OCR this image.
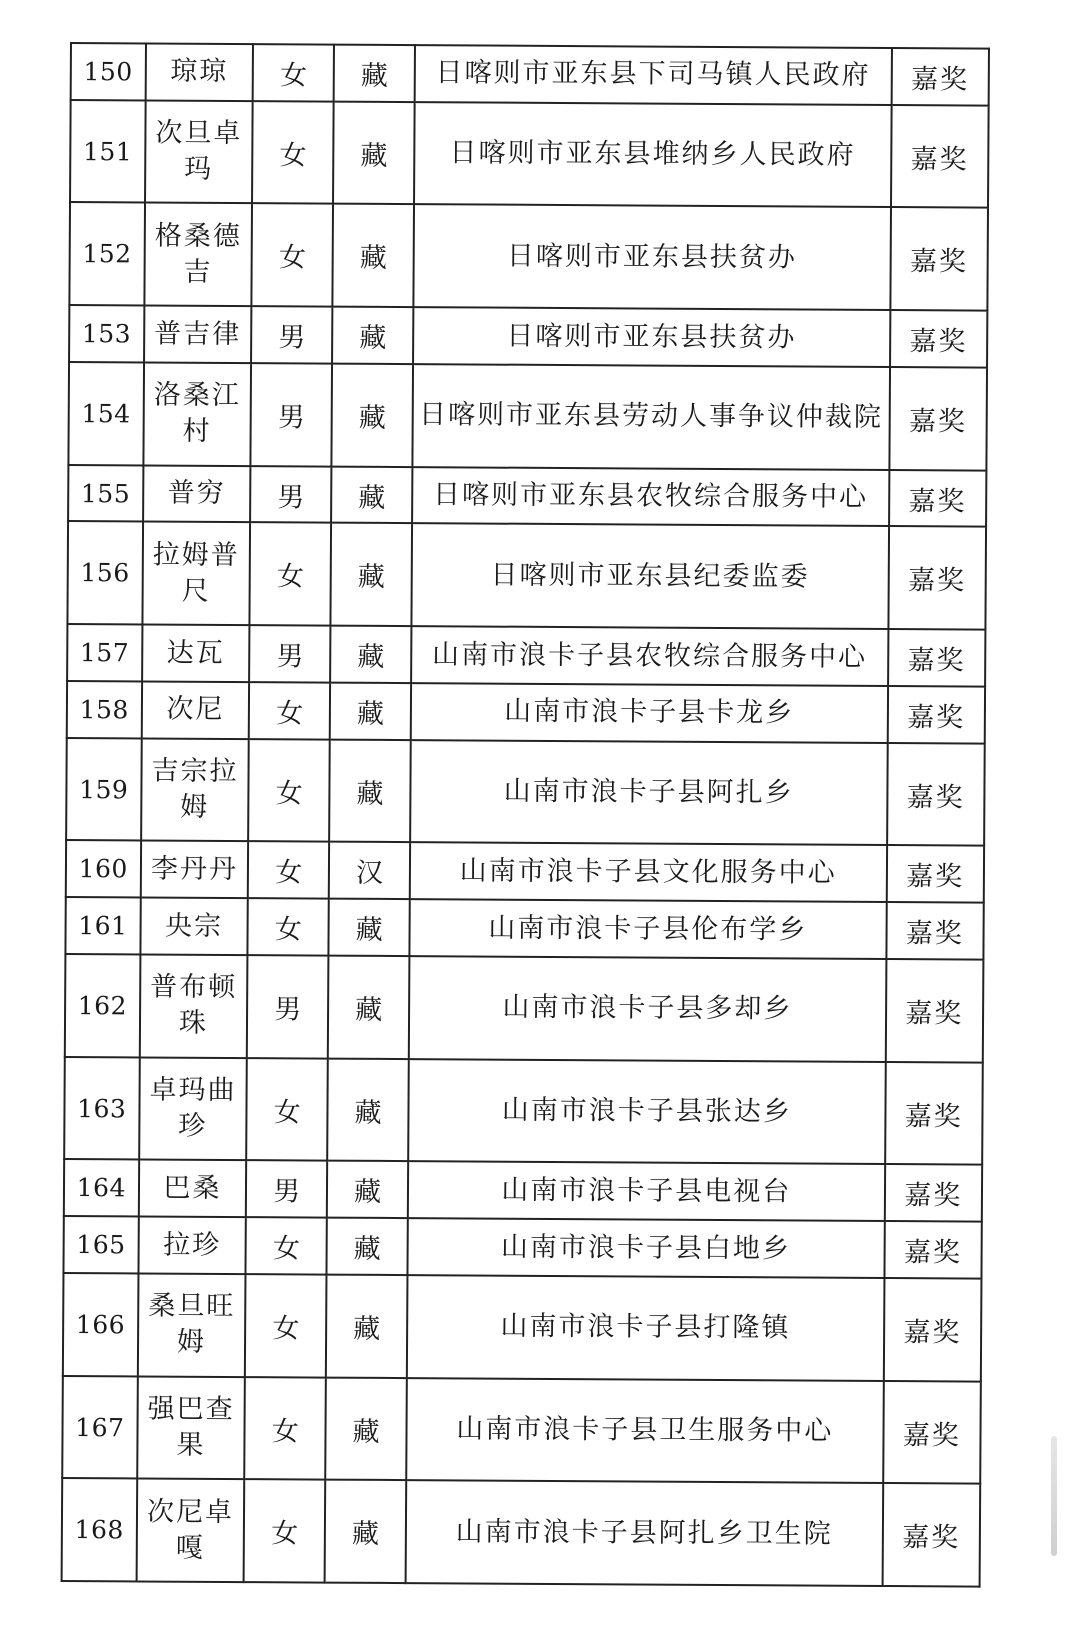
150	琼琼	女	藏	日喀则市亚东县下司马镇人民政府	嘉奖
151	次旦卓玛	女	藏	日喀则市亚东县堆纳乡人民政府	嘉奖
152	格桑德吉	女	藏	日喀则市亚东县扶贫办	嘉奖
153	普吉律	男	藏	日喀则市亚东县扶贫办	嘉奖
154	洛桑江村	男	藏	日喀则市亚东县劳动人事争议仲裁院	嘉奖
155	普穷	男	藏	日喀则市亚东县农牧综合服务中心	嘉奖
156	拉姆普尺	女	藏	日喀则市亚东县纪委监委	嘉奖
157	达瓦	男	藏	山南市浪卡子县农牧综合服务中心	嘉奖
158	次尼	女	藏	山南市浪卡子县卡龙乡	嘉奖
159	吉宗拉姆	女	藏	山南市浪卡子县阿扎乡	嘉奖
160	李丹丹	女	汉	山南市浪卡子县文化服务中心	嘉奖
161	央宗	女	藏	山南市浪卡子县伦布学乡	嘉奖
162	普布顿珠	男	藏	山南市浪卡子县多却乡	嘉奖
163	卓玛曲珍	女	藏	山南市浪卡子县张达乡	嘉奖
164	巴桑	男	藏	山南市浪卡子县电视台	嘉奖
165	拉珍	女	藏	山南市浪卡子县白地乡	嘉奖
166	桑旦旺姆	女	藏	山南市浪卡子县打隆镇	嘉奖
167	强巴查果	女	藏	山南市浪卡子县卫生服务中心	嘉奖
168	次尼卓嘎	女	藏	山南市浪卡子县阿扎乡卫生院	嘉奖
